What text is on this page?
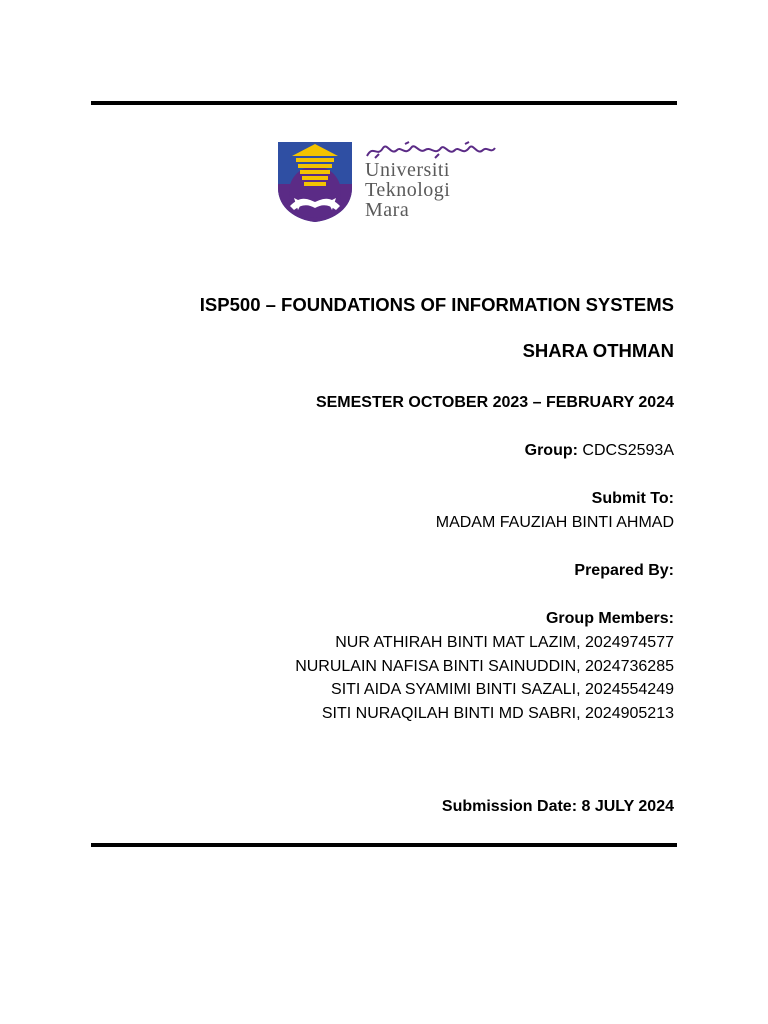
Universiti
Teknologi
Mara
ISP500 – FOUNDATIONS OF INFORMATION SYSTEMS
SHARA OTHMAN
SEMESTER OCTOBER 2023 – FEBRUARY 2024
Group: CDCS2593A
Submit To:
MADAM FAUZIAH BINTI AHMAD
Prepared By:
Group Members:
NUR ATHIRAH BINTI MAT LAZIM, 2024974577
NURULAIN NAFISA BINTI SAINUDDIN, 2024736285
SITI AIDA SYAMIMI BINTI SAZALI, 2024554249
SITI NURAQILAH BINTI MD SABRI, 2024905213
Submission Date: 8 JULY 2024
